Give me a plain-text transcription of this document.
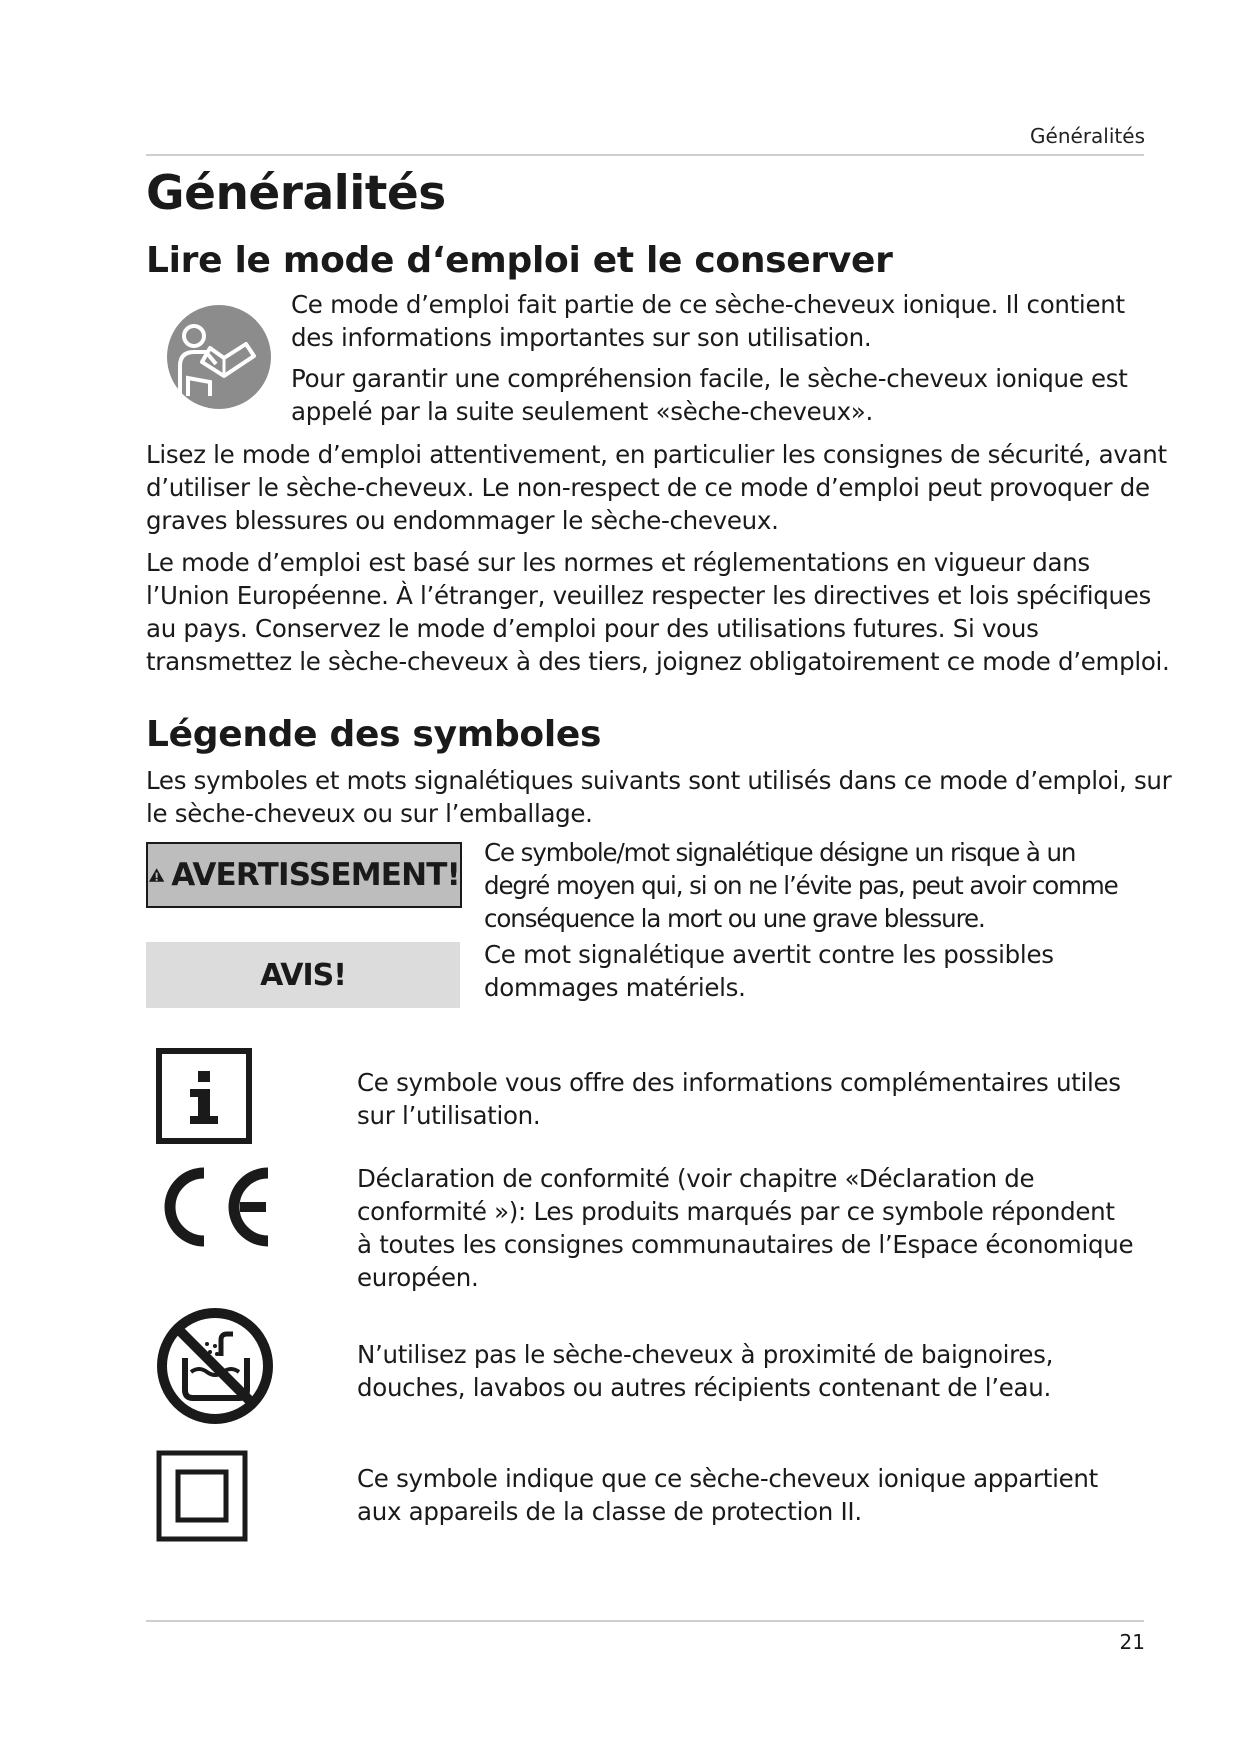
Généralités
Généralités
Lire le mode d‘emploi et le conserver

Ce mode d’emploi fait partie de ce sèche-cheveux ionique. Il contient
des informations importantes sur son utilisation.

Pour garantir une compréhension facile, le sèche-cheveux ionique est
appelé par la suite seulement «sèche-cheveux».

Lisez le mode d’emploi attentivement, en particulier les consignes de sécurité, avant
d’utiliser le sèche-cheveux. Le non-respect de ce mode d’emploi peut provoquer de
graves blessures ou endommager le sèche-cheveux.

Le mode d’emploi est basé sur les normes et réglementations en vigueur dans
l’Union Européenne. À l’étranger, veuillez respecter les directives et lois spécifiques
au pays. Conservez le mode d’emploi pour des utilisations futures. Si vous
transmettez le sèche-cheveux à des tiers, joignez obligatoirement ce mode d’emploi.

Légende des symboles

Les symboles et mots signalétiques suivants sont utilisés dans ce mode d’emploi, sur
le sèche-cheveux ou sur l’emballage.

AVERTISSEMENT!

Ce symbole/mot signalétique désigne un risque à un
degré moyen qui, si on ne l’évite pas, peut avoir comme
conséquence la mort ou une grave blessure.

AVIS!

Ce mot signalétique avertit contre les possibles
dommages matériels.

Ce symbole vous offre des informations complémentaires utiles
sur l’utilisation.

Déclaration de conformité (voir chapitre «Déclaration de
conformité »): Les produits marqués par ce symbole répondent
à toutes les consignes communautaires de l’Espace économique
européen.

N’utilisez pas le sèche-cheveux à proximité de baignoires,
douches, lavabos ou autres récipients contenant de l’eau.

Ce symbole indique que ce sèche-cheveux ionique appartient
aux appareils de la classe de protection II.

21
